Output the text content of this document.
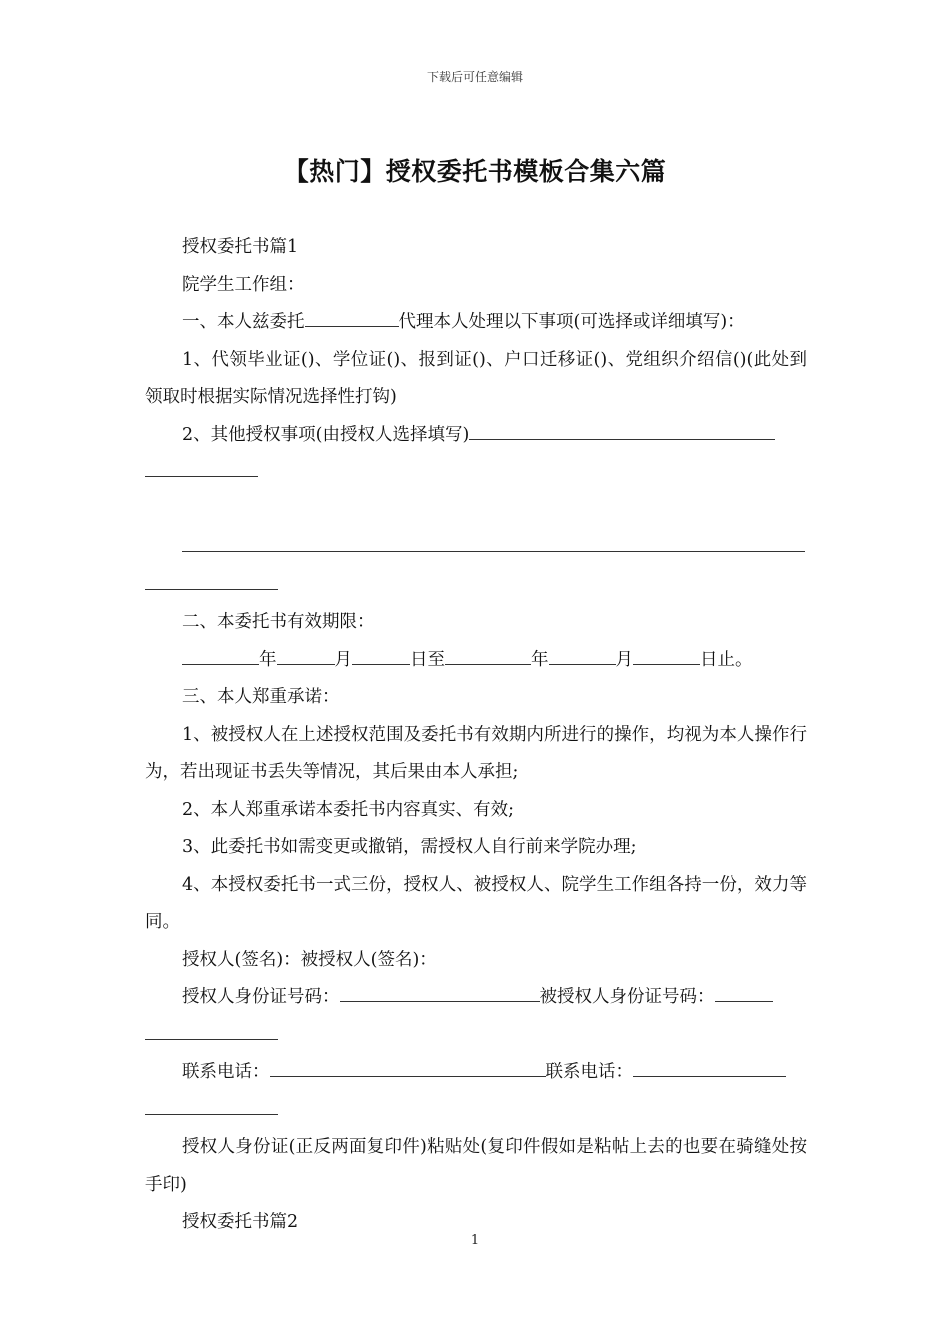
下载后可任意编辑
【热门】授权委托书模板合集六篇

授权委托书篇1

院学生工作组：

一、本人兹委托	代理本人处理以下事项(可选择或详细填写)：

1、代领毕业证()、学位证()、报到证()、户口迁移证()、党组织介绍信()(此处到领取时根据实际情况选择性打钩)

2、其他授权事项(由授权人选择填写)

二、本委托书有效期限：

年	月	日至	年	月	日止。

三、本人郑重承诺：

1、被授权人在上述授权范围及委托书有效期内所进行的操作，均视为本人操作行为，若出现证书丢失等情况，其后果由本人承担;

2、本人郑重承诺本委托书内容真实、有效;

3、此委托书如需变更或撤销，需授权人自行前来学院办理;

4、本授权委托书一式三份，授权人、被授权人、院学生工作组各持一份，效力等同。

授权人(签名)：被授权人(签名)：

授权人身份证号码：	被授权人身份证号码：

联系电话：	联系电话：

授权人身份证(正反两面复印件)粘贴处(复印件假如是粘帖上去的也要在骑缝处按手印)

授权委托书篇2

1
